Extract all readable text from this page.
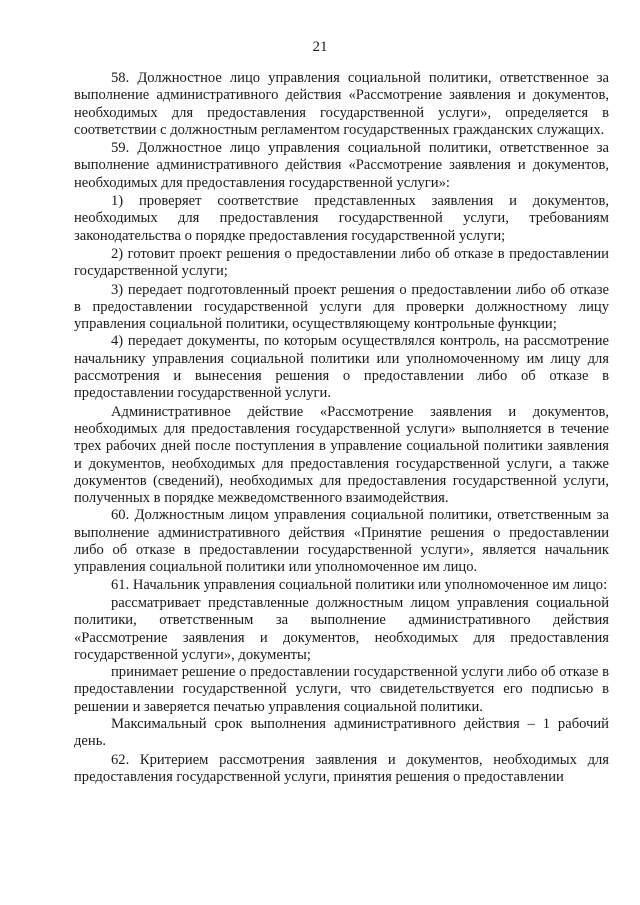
21

58. Должностное лицо управления социальной политики, ответственное за выполнение административного действия «Рассмотрение заявления и документов, необходимых для предоставления государственной услуги», определяется в соответствии с должностным регламентом государственных гражданских служащих.

59. Должностное лицо управления социальной политики, ответственное за выполнение административного действия «Рассмотрение заявления и документов, необходимых для предоставления государственной услуги»:

1) проверяет соответствие представленных заявления и документов, необходимых для предоставления государственной услуги, требованиям законодательства о порядке предоставления государственной услуги;

2) готовит проект решения о предоставлении либо об отказе в предоставлении государственной услуги;

3) передает подготовленный проект решения о предоставлении либо об отказе в предоставлении государственной услуги для проверки должностному лицу управления социальной политики, осуществляющему контрольные функции;

4) передает документы, по которым осуществлялся контроль, на рассмотрение начальнику управления социальной политики или уполномоченному им лицу для рассмотрения и вынесения решения о предоставлении либо об отказе в предоставлении государственной услуги.

Административное действие «Рассмотрение заявления и документов, необходимых для предоставления государственной услуги» выполняется в течение трех рабочих дней после поступления в управление социальной политики заявления и документов, необходимых для предоставления государственной услуги, а также документов (сведений), необходимых для предоставления государственной услуги, полученных в порядке межведомственного взаимодействия.

60. Должностным лицом управления социальной политики, ответственным за выполнение административного действия «Принятие решения о предоставлении либо об отказе в предоставлении государственной услуги», является начальник управления социальной политики или уполномоченное им лицо.

61. Начальник управления социальной политики или уполномоченное им лицо:

рассматривает представленные должностным лицом управления социальной политики, ответственным за выполнение административного действия «Рассмотрение заявления и документов, необходимых для предоставления государственной услуги», документы;

принимает решение о предоставлении государственной услуги либо об отказе в предоставлении государственной услуги, что свидетельствуется его подписью в решении и заверяется печатью управления социальной политики.

Максимальный срок выполнения административного действия – 1 рабочий день.

62. Критерием рассмотрения заявления и документов, необходимых для предоставления государственной услуги, принятия решения о предоставлении
